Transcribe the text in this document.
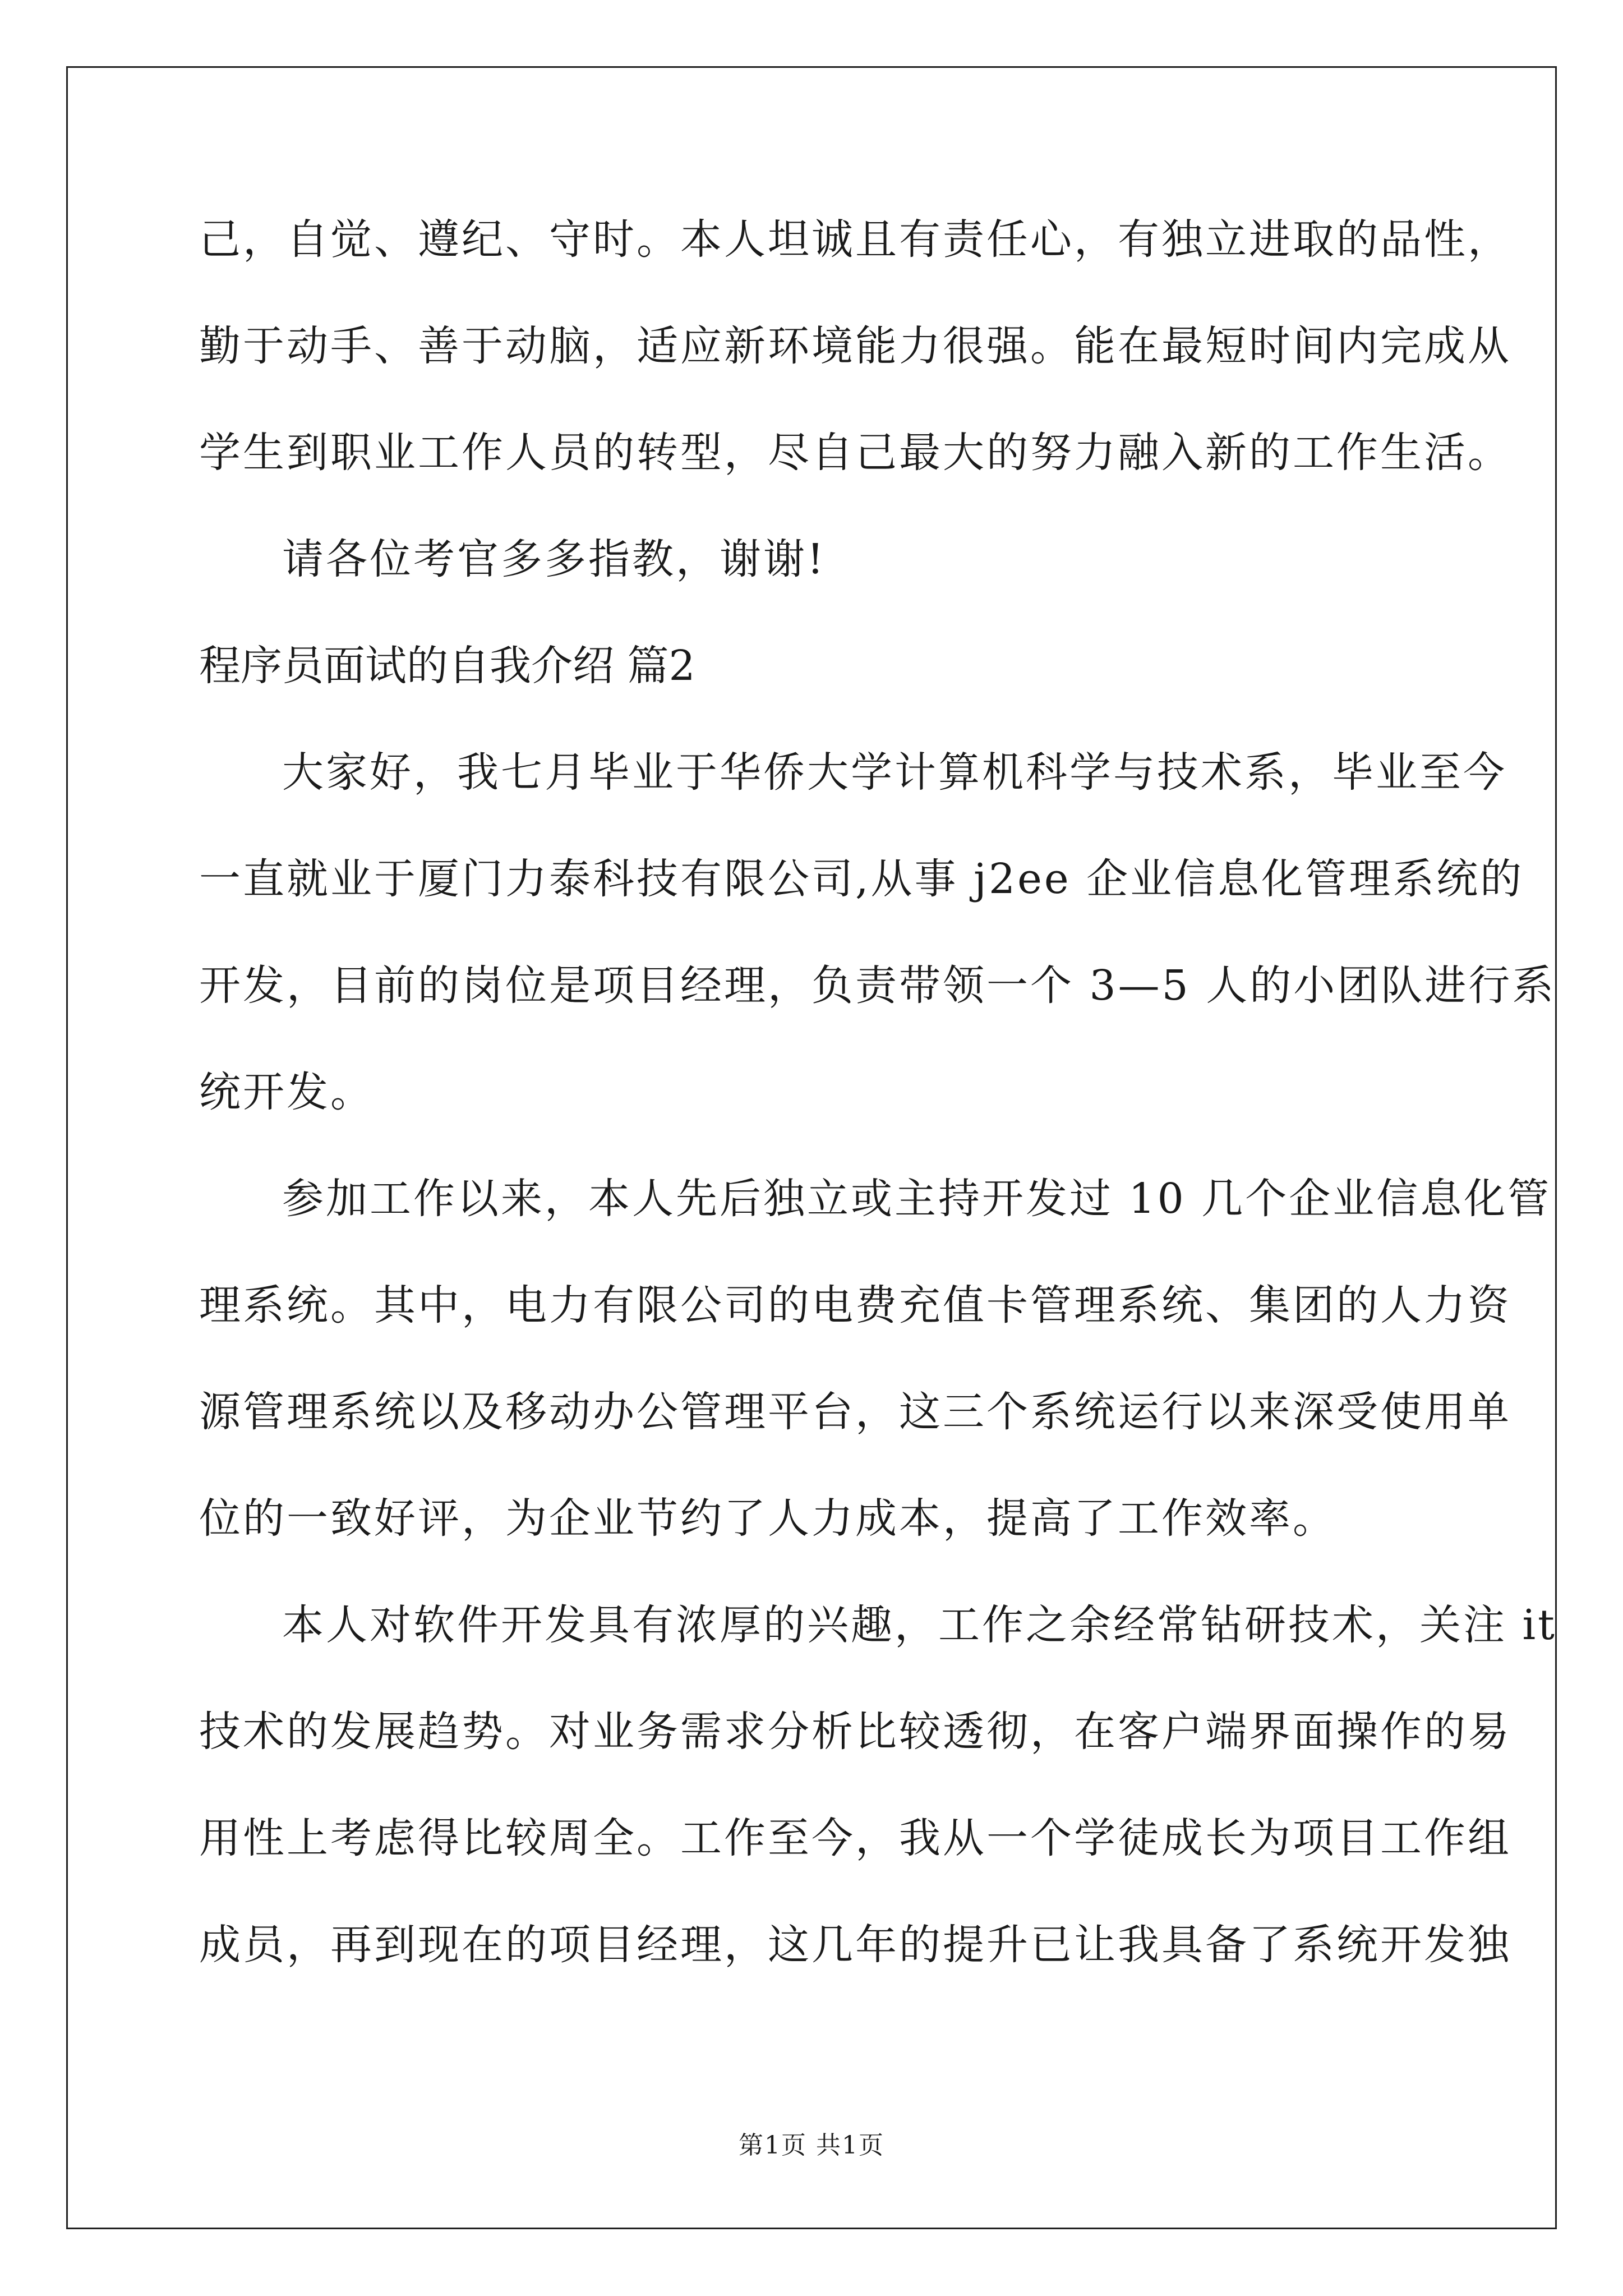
己，自觉、遵纪、守时。本人坦诚且有责任心，有独立进取的品性，
勤于动手、善于动脑，适应新环境能力很强。能在最短时间内完成从
学生到职业工作人员的转型，尽自己最大的努力融入新的工作生活。
请各位考官多多指教，谢谢!
程序员面试的自我介绍 篇2
大家好，我七月毕业于华侨大学计算机科学与技术系，毕业至今
一直就业于厦门力泰科技有限公司,从事 j2ee 企业信息化管理系统的
开发，目前的岗位是项目经理，负责带领一个 3—5 人的小团队进行系
统开发。
参加工作以来，本人先后独立或主持开发过 10 几个企业信息化管
理系统。其中，电力有限公司的电费充值卡管理系统、集团的人力资
源管理系统以及移动办公管理平台，这三个系统运行以来深受使用单
位的一致好评，为企业节约了人力成本，提高了工作效率。
本人对软件开发具有浓厚的兴趣，工作之余经常钻研技术，关注 it
技术的发展趋势。对业务需求分析比较透彻，在客户端界面操作的易
用性上考虑得比较周全。工作至今，我从一个学徒成长为项目工作组
成员，再到现在的项目经理，这几年的提升已让我具备了系统开发独
第1页 共1页
